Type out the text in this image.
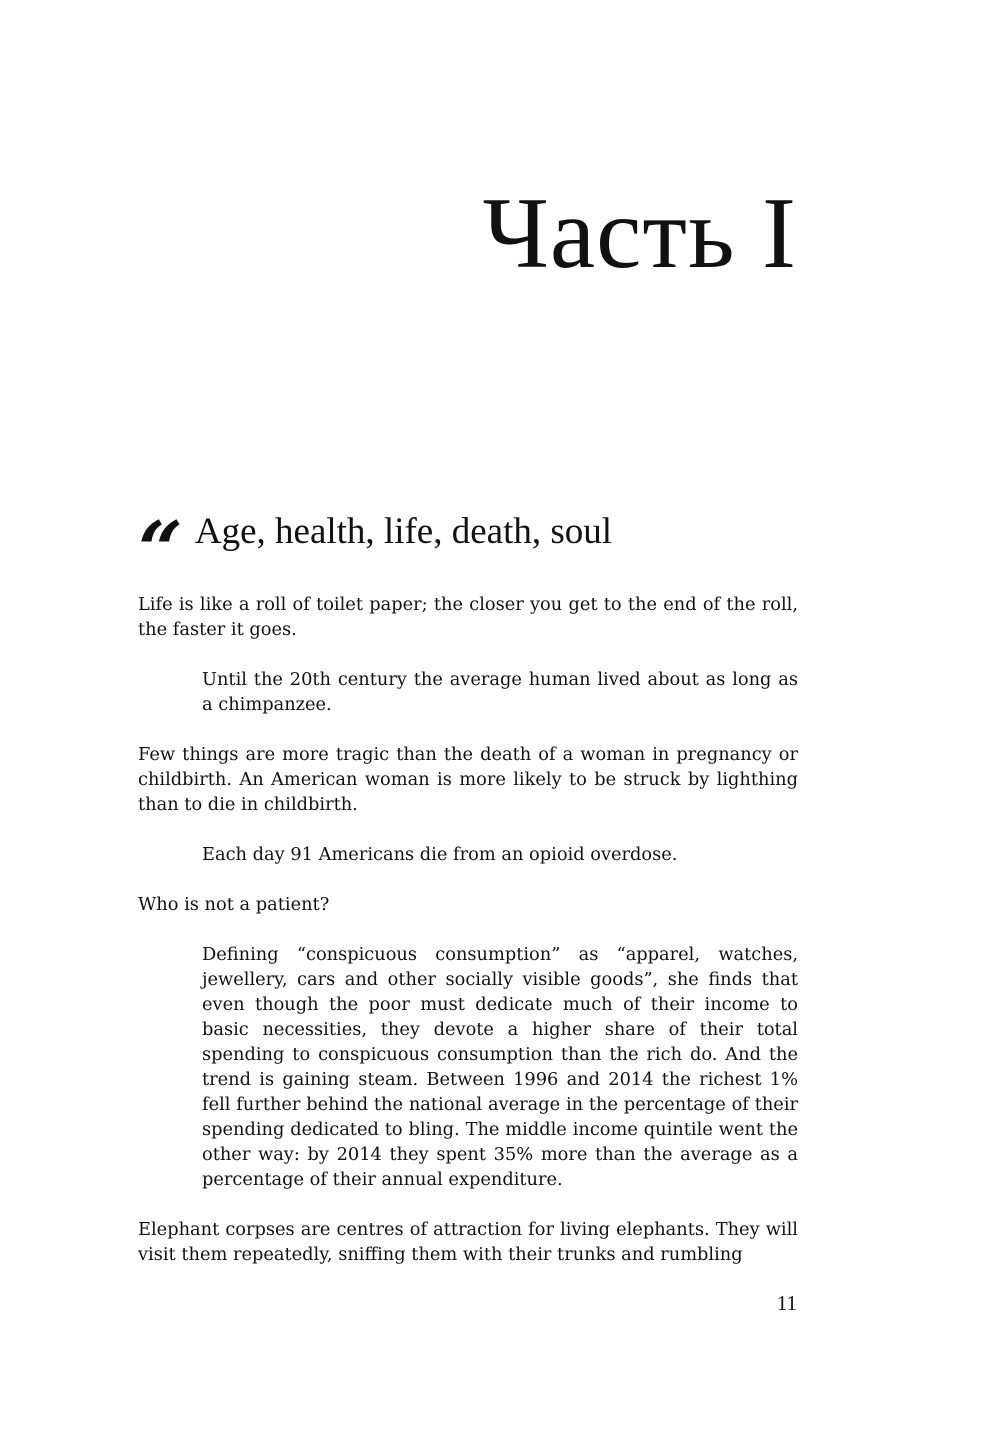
Часть I
“ Age, health, life, death, soul

Life is like a roll of toilet paper; the closer you get to the end of the roll, the faster it goes.

Until the 20th century the average human lived about as long as a chimpanzee.

Few things are more tragic than the death of a woman in pregnancy or childbirth. An American woman is more likely to be struck by lighthing than to die in childbirth.

Each day 91 Americans die from an opioid overdose.

Who is not a patient?

Defining “conspicuous consumption” as “apparel, watches, jewellery, cars and other socially visible goods”, she finds that even though the poor must dedicate much of their income to basic necessities, they devote a higher share of their total spending to conspicuous consumption than the rich do. And the trend is gaining steam. Between 1996 and 2014 the richest 1% fell further behind the national average in the percentage of their spending dedicated to bling. The middle income quintile went the other way: by 2014 they spent 35% more than the average as a percentage of their annual expenditure.

Elephant corpses are centres of attraction for living elephants. They will visit them repeatedly, sniffing them with their trunks and rumbling

11
